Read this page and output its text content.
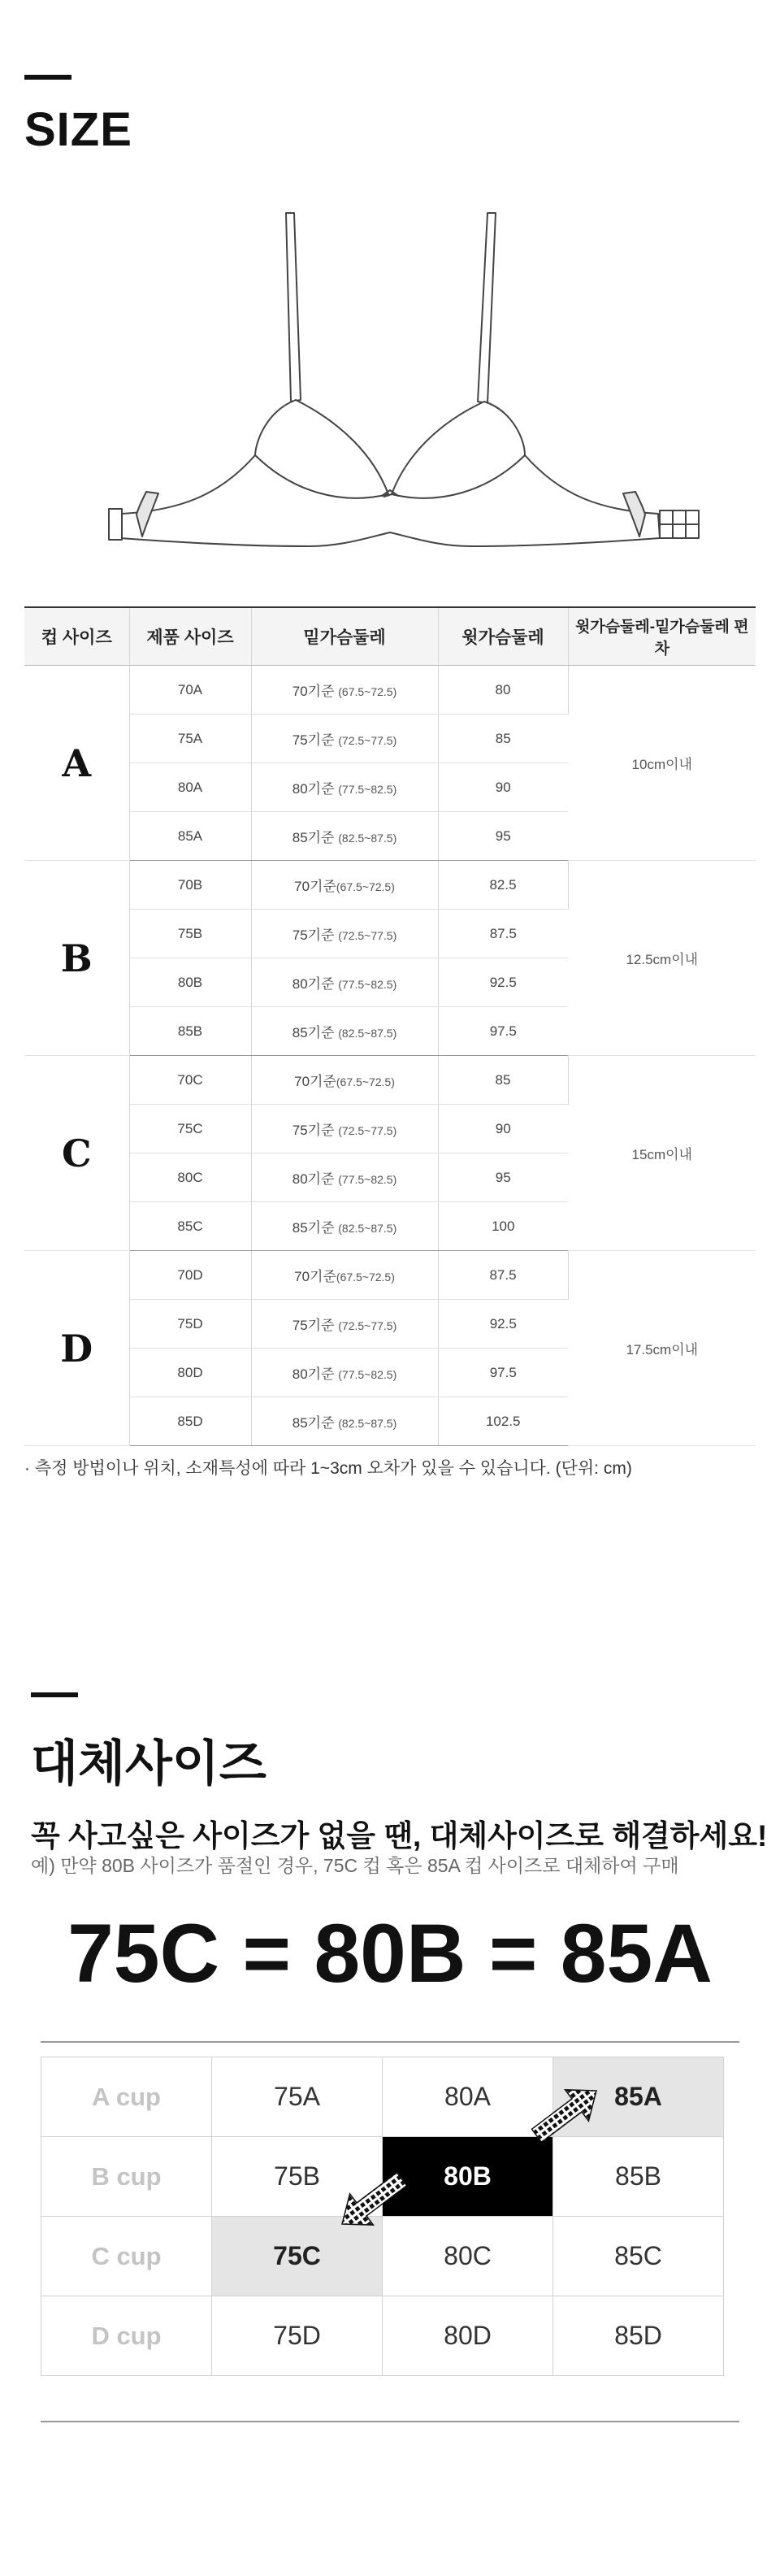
SIZE
컵 사이즈	제품 사이즈	밑가슴둘레	윗가슴둘레	윗가슴둘레-밑가슴둘레 편차
A	70A	70기준 (67.5~72.5)	80	10cm이내
	75A	75기준 (72.5~77.5)	85	
	80A	80기준 (77.5~82.5)	90	
	85A	85기준 (82.5~87.5)	95	
B	70B	70기준(67.5~72.5)	82.5	12.5cm이내
	75B	75기준 (72.5~77.5)	87.5	
	80B	80기준 (77.5~82.5)	92.5	
	85B	85기준 (82.5~87.5)	97.5	
C	70C	70기준(67.5~72.5)	85	15cm이내
	75C	75기준 (72.5~77.5)	90	
	80C	80기준 (77.5~82.5)	95	
	85C	85기준 (82.5~87.5)	100	
D	70D	70기준(67.5~72.5)	87.5	17.5cm이내
	75D	75기준 (72.5~77.5)	92.5	
	80D	80기준 (77.5~82.5)	97.5	
	85D	85기준 (82.5~87.5)	102.5	

· 측정 방법이나 위치, 소재특성에 따라 1~3cm 오차가 있을 수 있습니다. (단위: cm)

대체사이즈

꼭 사고싶은 사이즈가 없을 땐, 대체사이즈로 해결하세요!

예) 만약 80B 사이즈가 품절인 경우, 75C 컵 혹은 85A 컵 사이즈로 대체하여 구매

75C = 80B = 85A

A cup	75A	80A	85A
B cup	75B	80B	85B
C cup	75C	80C	85C
D cup	75D	80D	85D
